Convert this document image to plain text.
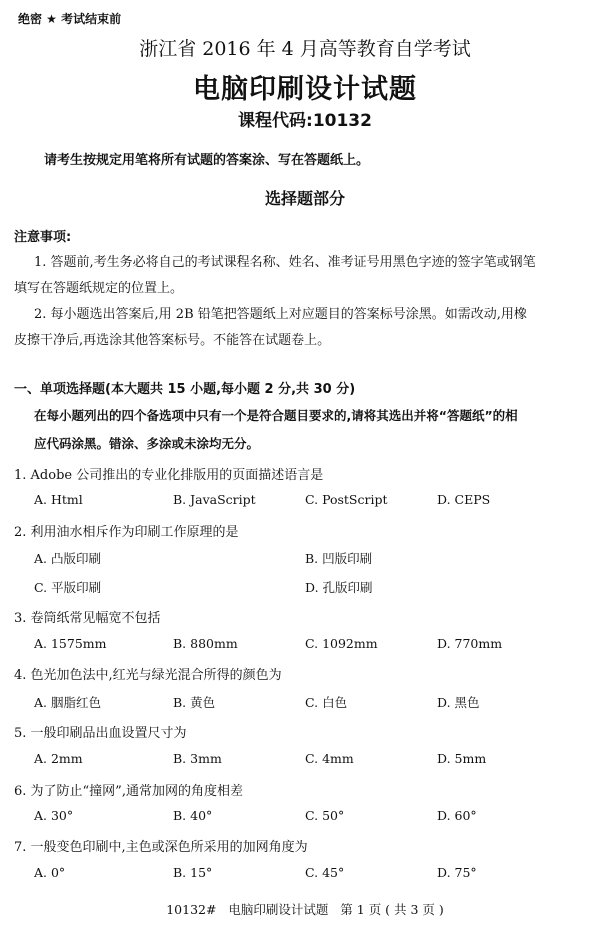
绝密 ★ 考试结束前
浙江省 2016 年 4 月高等教育自学考试
电脑印刷设计试题
课程代码:10132
请考生按规定用笔将所有试题的答案涂、写在答题纸上。
选择题部分
注意事项:
1. 答题前,考生务必将自己的考试课程名称、姓名、准考证号用黑色字迹的签字笔或钢笔
填写在答题纸规定的位置上。
2. 每小题选出答案后,用 2B 铅笔把答题纸上对应题目的答案标号涂黑。如需改动,用橡
皮擦干净后,再选涂其他答案标号。不能答在试题卷上。
一、单项选择题(本大题共 15 小题,每小题 2 分,共 30 分)
在每小题列出的四个备选项中只有一个是符合题目要求的,请将其选出并将“答题纸”的相
应代码涂黑。错涂、多涂或未涂均无分。
1. Adobe 公司推出的专业化排版用的页面描述语言是
A. Html	B. JavaScript	C. PostScript	D. CEPS
2. 利用油水相斥作为印刷工作原理的是
A. 凸版印刷	B. 凹版印刷
C. 平版印刷	D. 孔版印刷
3. 卷筒纸常见幅宽不包括
A. 1575mm	B. 880mm	C. 1092mm	D. 770mm
4. 色光加色法中,红光与绿光混合所得的颜色为
A. 胭脂红色	B. 黄色	C. 白色	D. 黑色
5. 一般印刷品出血设置尺寸为
A. 2mm	B. 3mm	C. 4mm	D. 5mm
6. 为了防止“撞网”,通常加网的角度相差
A. 30°	B. 40°	C. 50°	D. 60°
7. 一般变色印刷中,主色或深色所采用的加网角度为
A. 0°	B. 15°	C. 45°	D. 75°
10132#   电脑印刷设计试题   第 1 页 ( 共 3 页 )
